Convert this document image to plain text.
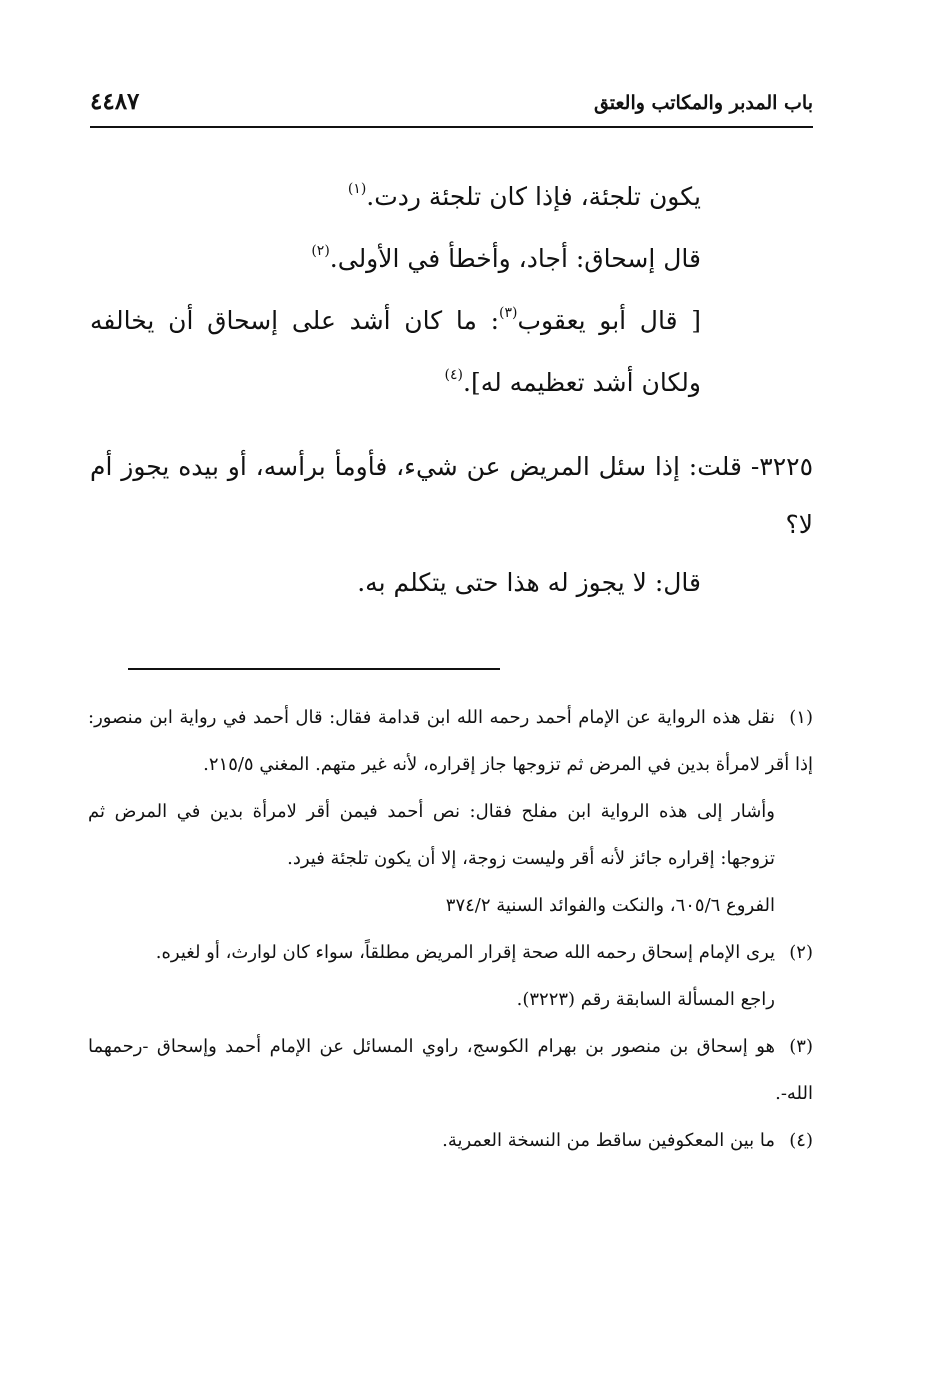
باب المدبر والمكاتب والعتق
٤٤٨٧

يكون تلجئة، فإذا كان تلجئة ردت.$^{(١)}$

قال إسحاق: أجاد، وأخطأ في الأولى.$^{(٢)}$

[ قال أبو يعقوب$^{(٣)}$: ما كان أشد على إسحاق أن يخالفه ولكان أشد تعظيمه له].$^{(٤)}$

٣٢٢٥- قلت: إذا سئل المريض عن شيء، فأومأ برأسه، أو بيده يجوز أم لا؟

قال: لا يجوز له هذا حتى يتكلم به.

(١)نقل هذه الرواية عن الإمام أحمد رحمه الله ابن قدامة فقال: قال أحمد في رواية ابن منصور: إذا أقر لامرأة بدين في المرض ثم تزوجها جاز إقراره، لأنه غير متهم. المغني ٢١٥/٥.

وأشار إلى هذه الرواية ابن مفلح فقال: نص أحمد فيمن أقر لامرأة بدين في المرض ثم تزوجها: إقراره جائز لأنه أقر وليست زوجة، إلا أن يكون تلجئة فيرد.

الفروع ٦٠٥/٦، والنكت والفوائد السنية ٣٧٤/٢

(٢)يرى الإمام إسحاق رحمه الله صحة إقرار المريض مطلقاً، سواء كان لوارث، أو لغيره.

راجع المسألة السابقة رقم (٣٢٢٣).

(٣)هو إسحاق بن منصور بن بهرام الكوسج، راوي المسائل عن الإمام أحمد وإسحاق -رحمهما الله-.

(٤)ما بين المعكوفين ساقط من النسخة العمرية.
